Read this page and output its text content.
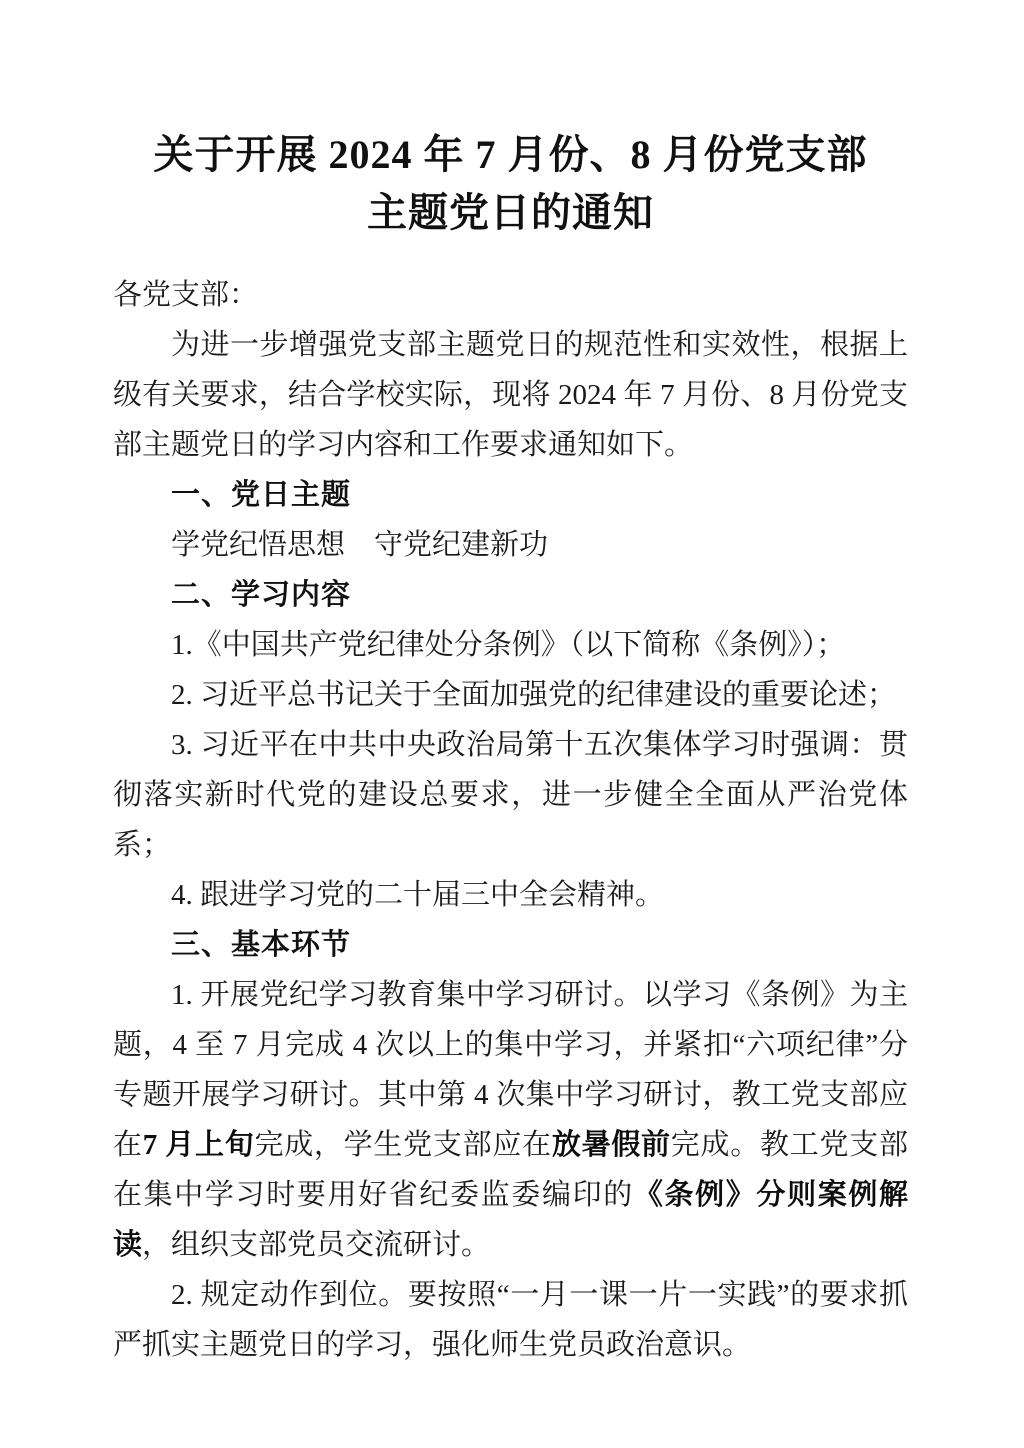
关于开展 2024 年 7 月份、8 月份党支部
主题党日的通知

各党支部：

为进一步增强党支部主题党日的规范性和实效性，根据上级有关要求，结合学校实际，现将 2024 年 7 月份、8 月份党支部主题党日的学习内容和工作要求通知如下。

一、党日主题

学党纪悟思想　守党纪建新功

二、学习内容

1.《中国共产党纪律处分条例》（以下简称《条例》）；

2. 习近平总书记关于全面加强党的纪律建设的重要论述；

3. 习近平在中共中央政治局第十五次集体学习时强调：贯彻落实新时代党的建设总要求，进一步健全全面从严治党体系；

4. 跟进学习党的二十届三中全会精神。

三、基本环节

1. 开展党纪学习教育集中学习研讨。以学习《条例》为主题，4 至 7 月完成 4 次以上的集中学习，并紧扣“六项纪律”分专题开展学习研讨。其中第 4 次集中学习研讨，教工党支部应在7 月上旬完成，学生党支部应在放暑假前完成。教工党支部在集中学习时要用好省纪委监委编印的《条例》分则案例解读，组织支部党员交流研讨。

2. 规定动作到位。要按照“一月一课一片一实践”的要求抓严抓实主题党日的学习，强化师生党员政治意识。
